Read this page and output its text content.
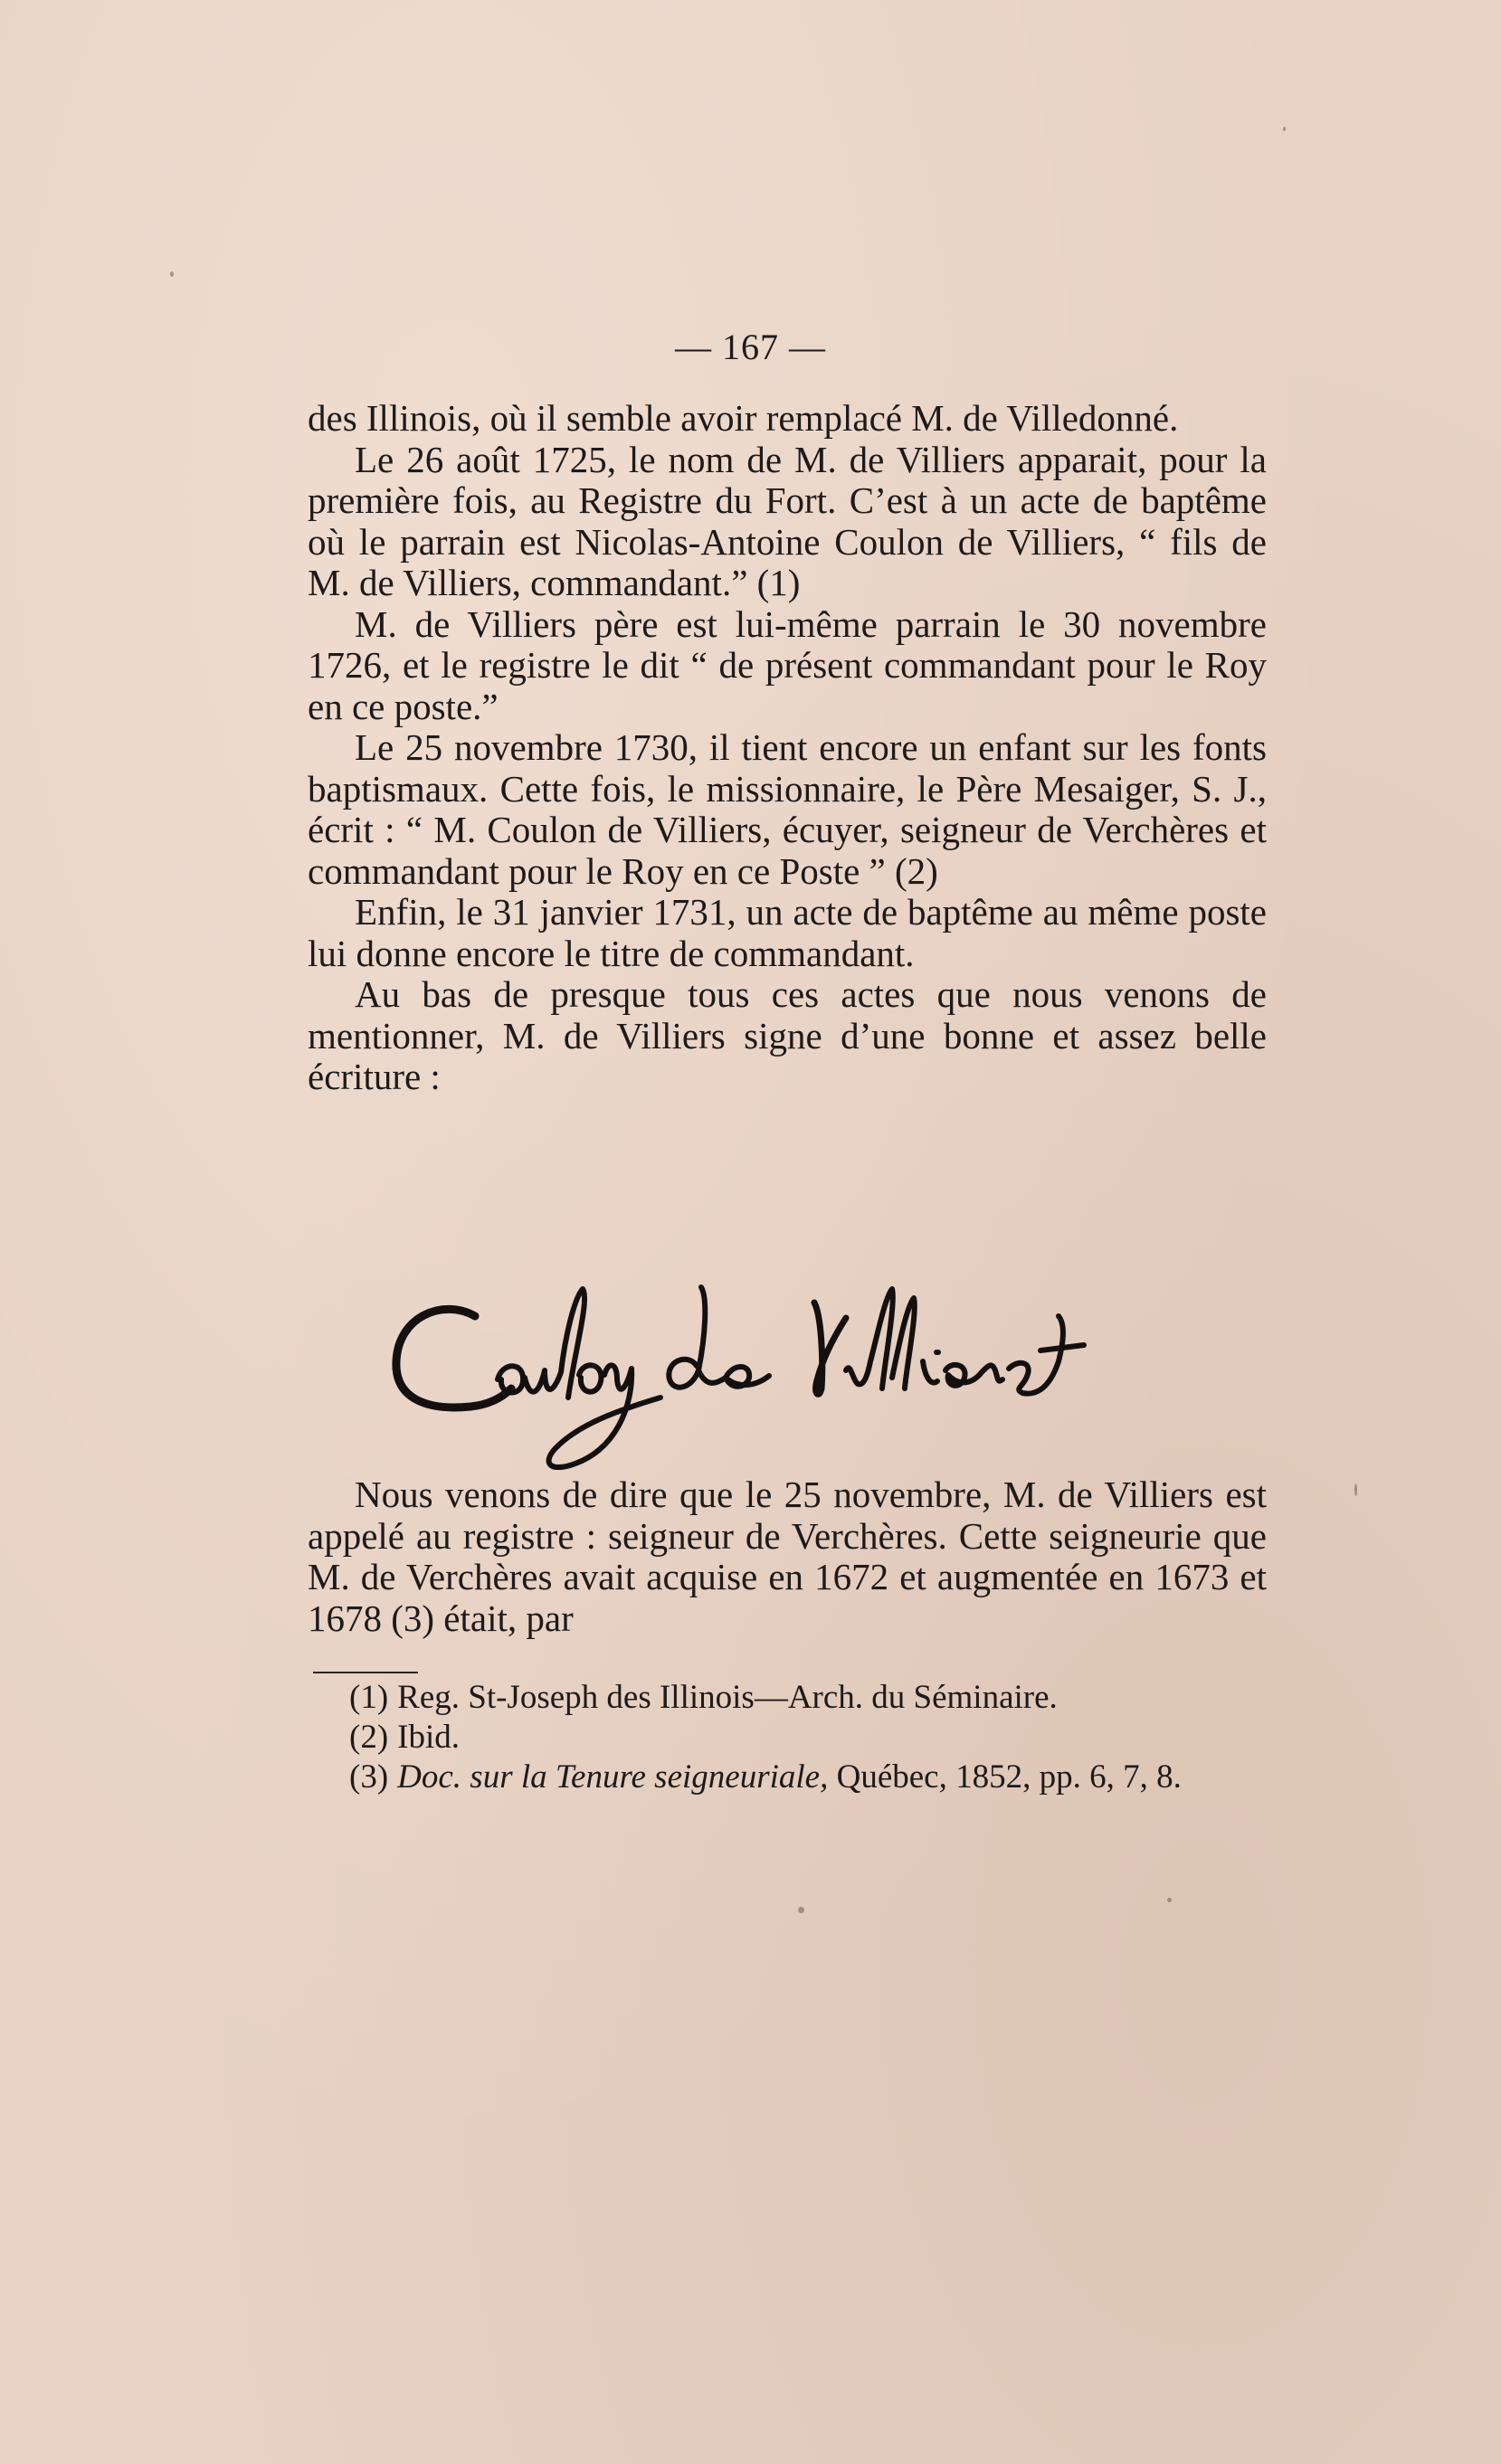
— 167 —

des Illinois, où il semble avoir remplacé M. de Villedonné.

Le 26 août 1725, le nom de M. de Villiers apparait, pour la première fois, au Registre du Fort. C’est à un acte de baptême où le parrain est Nicolas-Antoine Coulon de Villiers, “ fils de M. de Villiers, commandant.” (1)

M. de Villiers père est lui-même parrain le 30 novembre 1726, et le registre le dit “ de présent commandant pour le Roy en ce poste.”

Le 25 novembre 1730, il tient encore un enfant sur les fonts baptismaux. Cette fois, le missionnaire, le Père Mesaiger, S. J., écrit : “ M. Coulon de Villiers, écuyer, seigneur de Verchères et commandant pour le Roy en ce Poste ” (2)

Enfin, le 31 janvier 1731, un acte de baptême au même poste lui donne encore le titre de commandant.

Au bas de presque tous ces actes que nous venons de mentionner, M. de Villiers signe d’une bonne et assez belle écriture :

Nous venons de dire que le 25 novembre, M. de Villiers est appelé au registre : seigneur de Verchères. Cette seigneurie que M. de Verchères avait acquise en 1672 et augmentée en 1673 et 1678 (3) était, par

(1) Reg. St-Joseph des Illinois—Arch. du Séminaire.

(2) Ibid.

(3) Doc. sur la Tenure seigneuriale, Québec, 1852, pp. 6, 7, 8.
